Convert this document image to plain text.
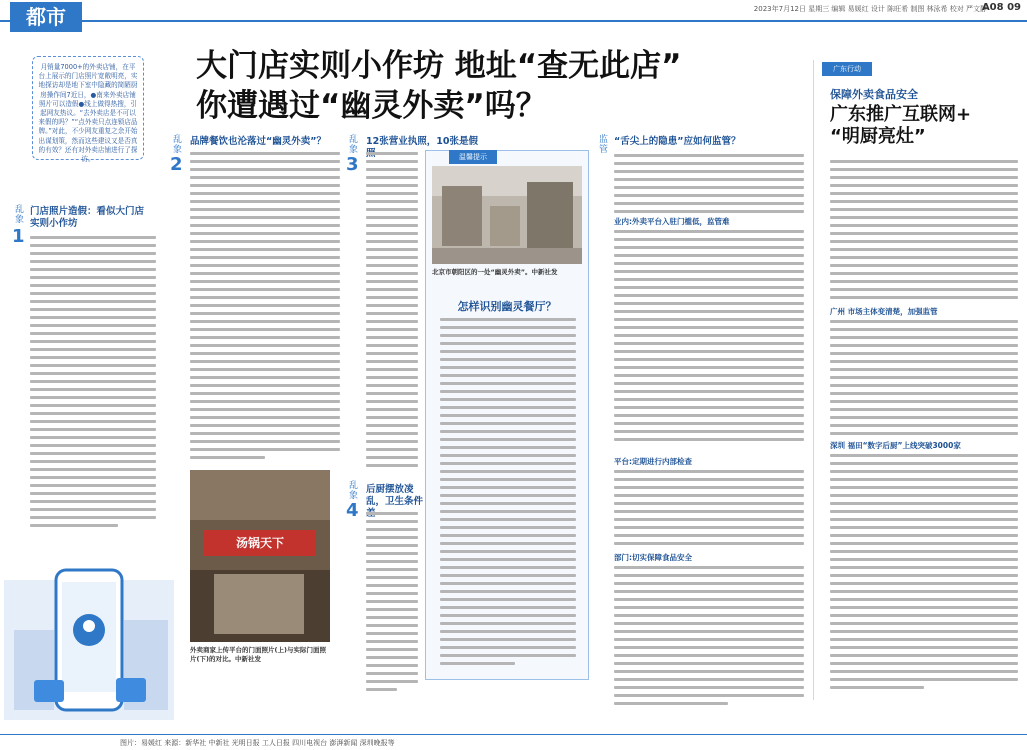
都市	2023年7月12日 星期三 编辑 易媛红 设计 陈旺希 制图 林泳希 校对 严文静
A08 09
月销量7000+的外卖店铺，在平台上展示的门店照片宽敞明亮，实地探访却是地下室中隐藏的简陋厨房操作间7近日，●南来外卖店铺照片可以造假●线上做得热搜，引起网友热议。“去外卖店是不可以来假的吗？”“点外卖只点连锁店品牌。”对此，不少网友重复之余开始出谋划策，然而这些建议又是否真的有效？还有对外卖店铺进行了探访。
大门店实则小作坊 地址“查无此店”
你遭遇过“幽灵外卖”吗？
乱象
1
门店照片造假：看似大门店 实则小作坊
乱象
2
品牌餐饮也沦落过“幽灵外卖”？
汤锅天下
外卖商家上传平台的门面照片(上)与实际门面照片(下)的对比。中新社发
乱象
3
12张营业执照，10张是假
乱象
4
后厨摆放凌乱，卫生条件
温馨提示
北京市朝阳区的一处“幽灵外卖”。中新社发
怎样识别幽灵餐厅？
监管 “舌尖上的隐患”应如何监管？
业内:外卖平台入驻门槛低，监管难
平台:定期进行内部检查
部门:切实保障食品安全
广东行动
保障外卖食品安全
广东推广互联网+
“明厨亮灶”
广州 市场主体变清楚，加强监管
深圳 福田“数字后厨”上线突破3000家
图片：易媛红 来源：新华社 中新社 光明日报 工人日报 四川电视台 澎湃新闻 深圳晚报等
